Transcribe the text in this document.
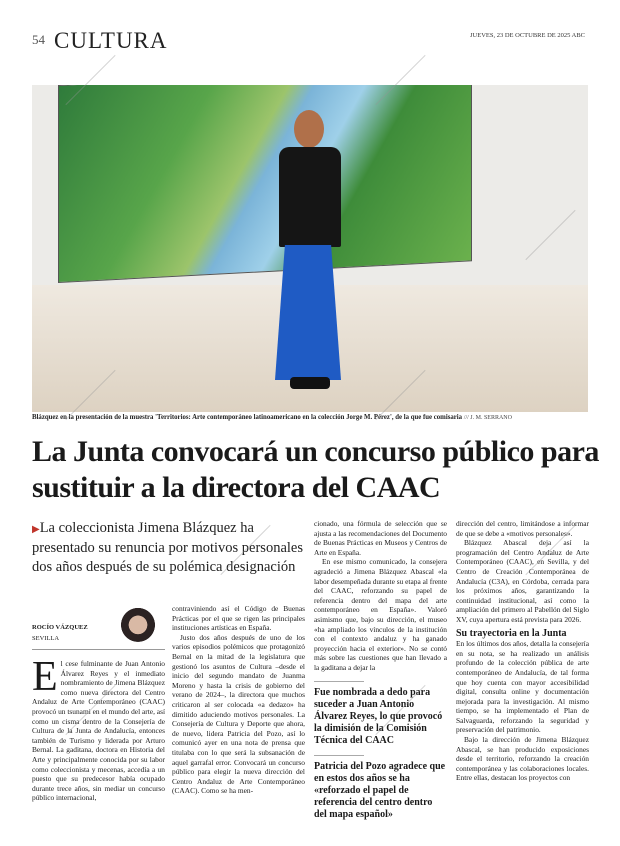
54 CULTURA	JUEVES, 23 DE OCTUBRE DE 2025 ABC
Blázquez en la presentación de la muestra 'Territorios: Arte contemporáneo latinoamericano en la colección Jorge M. Pérez', de la que fue comisaria /// J. M. SERRANO
La Junta convocará un concurso público para sustituir a la directora del CAAC
▶La coleccionista Jimena Blázquez ha presentado su renuncia por motivos personales dos años después de su polémica designación
ROCÍO VÁZQUEZ
SEVILLA

El cese fulminante de Juan Antonio Álvarez Reyes y el inmediato nombramiento de Jimena Blázquez como nueva directora del Centro Andaluz de Arte Contemporáneo (CAAC) provocó un tsunami en el mundo del arte, así como un cisma dentro de la Consejería de Cultura de la Junta de Andalucía, entonces también de Turismo y liderada por Arturo Bernal. La gaditana, doctora en Historia del Arte y principalmente conocida por su labor como coleccionista y mecenas, accedía a un puesto que su predecesor había ocupado durante trece años, sin mediar un concurso público internacional,

contraviniendo así el Código de Buenas Prácticas por el que se rigen las principales instituciones artísticas en España.

Justo dos años después de uno de los varios episodios polémicos que protagonizó Bernal en la mitad de la legislatura que gestionó los asuntos de Cultura –desde el inicio del segundo mandato de Juanma Moreno y hasta la crisis de gobierno del verano de 2024–, la directora que muchos criticaron al ser colocada «a dedazo» ha dimitido aduciendo motivos personales. La Consejería de Cultura y Deporte que ahora, de nuevo, lidera Patricia del Pozo, así lo comunicó ayer en una nota de prensa que titulaba con lo que será la subsanación de aquel garrafal error. Convocará un concurso público para elegir la nueva dirección del Centro Andaluz de Arte Contemporáneo (CAAC). Como se ha men-

cionado, una fórmula de selección que se ajusta a las recomendaciones del Documento de Buenas Prácticas en Museos y Centros de Arte en España.

En ese mismo comunicado, la consejera agradeció a Jimena Blázquez Abascal «la labor desempeñada durante su etapa al frente del CAAC, reforzando su papel de referencia dentro del mapa del arte contemporáneo en España». Valoró asimismo que, bajo su dirección, el museo «ha ampliado los vínculos de la institución con el contexto andaluz y ha ganado proyección hacia el exterior». No se contó más sobre las cuestiones que han llevado a la gaditana a dejar la

Fue nombrada a dedo para suceder a Juan Antonio Álvarez Reyes, lo que provocó la dimisión de la Comisión Técnica del CAAC
Patricia del Pozo agradece que en estos dos años se ha «reforzado el papel de referencia del centro dentro del mapa español»

dirección del centro, limitándose a informar de que se debe a «motivos personales».

Blázquez Abascal deja así la programación del Centro Andaluz de Arte Contemporáneo (CAAC), en Sevilla, y del Centro de Creación Contemporánea de Andalucía (C3A), en Córdoba, cerrada para los próximos años, garantizando la continuidad institucional, así como la ampliación del primero al Pabellón del Siglo XV, cuya apertura está prevista para 2026.

Su trayectoria en la Junta

En los últimos dos años, detalla la consejería en su nota, se ha realizado un análisis profundo de la colección pública de arte contemporáneo de Andalucía, de tal forma que hoy cuenta con mayor accesibilidad digital, consulta online y documentación mejorada para la investigación. Al mismo tiempo, se ha implementado el Plan de Salvaguarda, reforzando la seguridad y preservación del patrimonio.

Bajo la dirección de Jimena Blázquez Abascal, se han producido exposiciones desde el territorio, reforzando la creación contemporánea y las colaboraciones locales. Entre ellas, destacan los proyectos con
